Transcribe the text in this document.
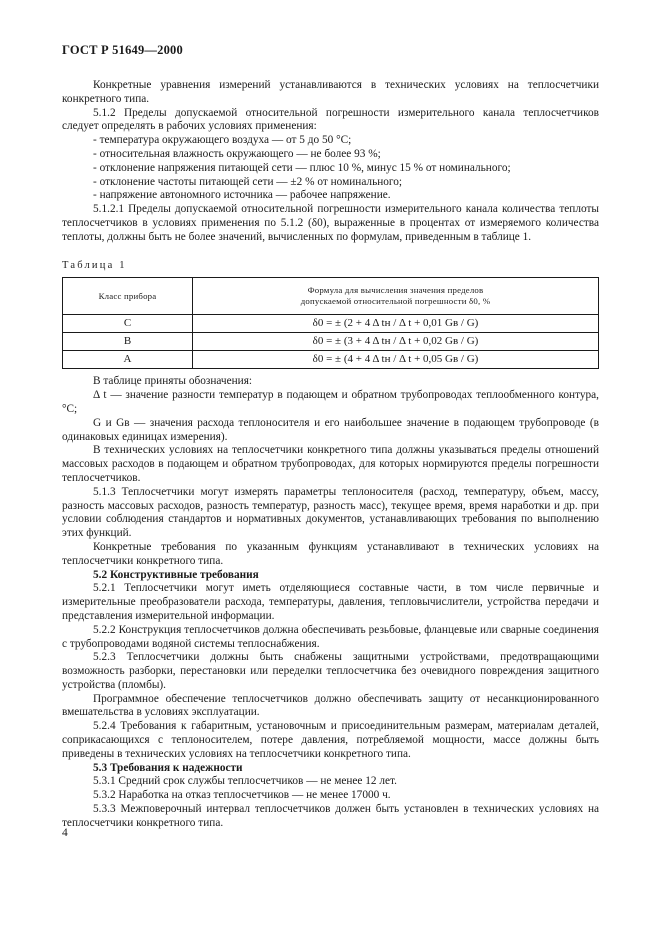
ГОСТ Р 51649—2000

Конкретные уравнения измерений устанавливаются в технических условиях на теплосчетчики конкретного типа.

5.1.2 Пределы допускаемой относительной погрешности измерительного канала теплосчетчиков следует определять в рабочих условиях применения:

- температура окружающего воздуха — от 5 до 50 °С;

- относительная влажность окружающего — не более 93 %;

- отклонение напряжения питающей сети — плюс 10 %, минус 15 % от номинального;

- отклонение частоты питающей сети — ±2 % от номинального;

- напряжение автономного источника — рабочее напряжение.

5.1.2.1 Пределы допускаемой относительной погрешности измерительного канала количества теплоты теплосчетчиков в условиях применения по 5.1.2 (δ0), выраженные в процентах от измеряемого количества теплоты, должны быть не более значений, вычисленных по формулам, приведенным в таблице 1.

Таблица 1

Класс прибора	Формула для вычисления значения пределов
допускаемой относительной погрешности δ0, %
C	δ0 = ± (2 + 4 Δ tн / Δ t + 0,01 Gв / G)
B	δ0 = ± (3 + 4 Δ tн / Δ t + 0,02 Gв / G)
A	δ0 = ± (4 + 4 Δ tн / Δ t + 0,05 Gв / G)

В таблице приняты обозначения:

Δ t — значение разности температур в подающем и обратном трубопроводах теплообменного контура, °С;

G и Gв — значения расхода теплоносителя и его наибольшее значение в подающем трубопроводе (в одинаковых единицах измерения).

В технических условиях на теплосчетчики конкретного типа должны указываться пределы отношений массовых расходов в подающем и обратном трубопроводах, для которых нормируются пределы погрешности теплосчетчиков.

5.1.3 Теплосчетчики могут измерять параметры теплоносителя (расход, температуру, объем, массу, разность массовых расходов, разность температур, разность масс), текущее время, время наработки и др. при условии соблюдения стандартов и нормативных документов, устанавливающих требования по выполнению этих функций.

Конкретные требования по указанным функциям устанавливают в технических условиях на теплосчетчики конкретного типа.

5.2 Конструктивные требования

5.2.1 Теплосчетчики могут иметь отделяющиеся составные части, в том числе первичные и измерительные преобразователи расхода, температуры, давления, тепловычислители, устройства передачи и представления измерительной информации.

5.2.2 Конструкция теплосчетчиков должна обеспечивать резьбовые, фланцевые или сварные соединения с трубопроводами водяной системы теплоснабжения.

5.2.3 Теплосчетчики должны быть снабжены защитными устройствами, предотвращающими возможность разборки, перестановки или переделки теплосчетчика без очевидного повреждения защитного устройства (пломбы).

Программное обеспечение теплосчетчиков должно обеспечивать защиту от несанкционированного вмешательства в условиях эксплуатации.

5.2.4 Требования к габаритным, установочным и присоединительным размерам, материалам деталей, соприкасающихся с теплоносителем, потере давления, потребляемой мощности, массе должны быть приведены в технических условиях на теплосчетчики конкретного типа.

5.3 Требования к надежности

5.3.1 Средний срок службы теплосчетчиков — не менее 12 лет.

5.3.2 Наработка на отказ теплосчетчиков — не менее 17000 ч.

5.3.3 Межповерочный интервал теплосчетчиков должен быть установлен в технических условиях на теплосчетчики конкретного типа.

4
